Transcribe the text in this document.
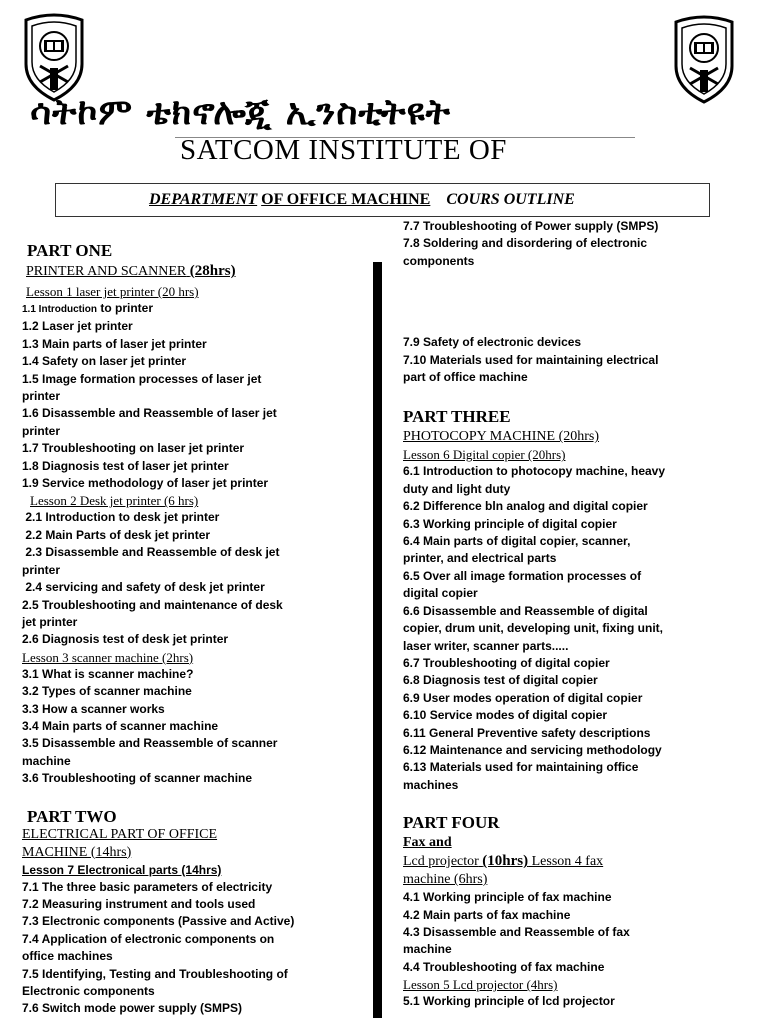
ሳትኮም ቴክኖሎጂ ኢንስቲትዩት
SATCOM INSTITUTE OF
DEPARTMENT OF OFFICE MACHINE COURS OUTLINE

PART ONE

PRINTER AND SCANNER (28hrs)

Lesson 1 laser jet printer (20 hrs)

1.1 Introduction to printer

1.2 Laser jet printer

1.3 Main parts of laser jet printer

1.4 Safety on laser jet printer

1.5 Image formation processes of laser jet

printer

1.6 Disassemble and Reassemble of laser jet

printer

1.7 Troubleshooting on laser jet printer

1.8 Diagnosis test of laser jet printer

1.9 Service methodology of laser jet printer

Lesson 2 Desk jet printer (6 hrs)

2.1 Introduction to desk jet printer

2.2 Main Parts of desk jet printer

2.3 Disassemble and Reassemble of desk jet

printer

2.4 servicing and safety of desk jet printer

2.5 Troubleshooting and maintenance of desk

jet printer

2.6 Diagnosis test of desk jet printer

Lesson 3 scanner machine (2hrs)

3.1 What is scanner machine?

3.2 Types of scanner machine

3.3 How a scanner works

3.4 Main parts of scanner machine

3.5 Disassemble and Reassemble of scanner

machine

3.6 Troubleshooting of scanner machine

PART TWO

ELECTRICAL PART OF OFFICE

MACHINE (14hrs)

Lesson 7 Electronical parts (14hrs)

7.1 The three basic parameters of electricity

7.2 Measuring instrument and tools used

7.3 Electronic components (Passive and Active)

7.4 Application of electronic components on

office machines

7.5 Identifying, Testing and Troubleshooting of

Electronic components

7.6 Switch mode power supply (SMPS)

7.7 Troubleshooting of Power supply (SMPS)

7.8 Soldering and disordering of electronic

components

7.9 Safety of electronic devices

7.10 Materials used for maintaining electrical

part of office machine

PART THREE

PHOTOCOPY MACHINE (20hrs)

Lesson 6 Digital copier (20hrs)

6.1 Introduction to photocopy machine, heavy

duty and light duty

6.2 Difference bln analog and digital copier

6.3 Working principle of digital copier

6.4 Main parts of digital copier, scanner,

printer, and electrical parts

6.5 Over all image formation processes of

digital copier

6.6 Disassemble and Reassemble of digital

copier, drum unit, developing unit, fixing unit,

laser writer, scanner parts.....

6.7 Troubleshooting of digital copier

6.8 Diagnosis test of digital copier

6.9 User modes operation of digital copier

6.10 Service modes of digital copier

6.11 General Preventive safety descriptions

6.12 Maintenance and servicing methodology

6.13 Materials used for maintaining office

machines

PART FOUR

Fax and

Lcd projector (10hrs) Lesson 4 fax

machine (6hrs)

4.1 Working principle of fax machine

4.2 Main parts of fax machine

4.3 Disassemble and Reassemble of fax

machine

4.4 Troubleshooting of fax machine

Lesson 5 Lcd projector (4hrs)

5.1 Working principle of lcd projector
